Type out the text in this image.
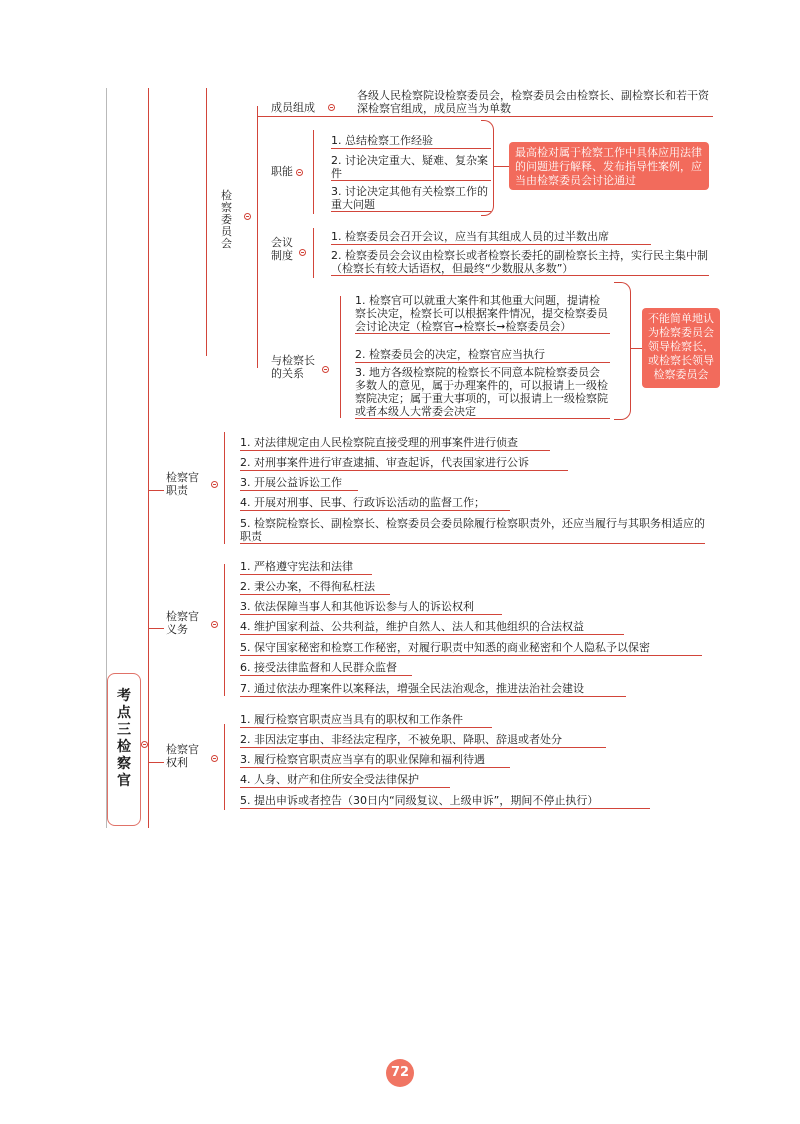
考点三 检察官
检察委员会
成员组成
各级人民检察院设检察委员会，检察委员会由检察长、副检察长和若干资深检察官组成，成员应当为单数
职能
1. 总结检察工作经验
2. 讨论决定重大、疑难、复杂案件
3. 讨论决定其他有关检察工作的重大问题
最高检对属于检察工作中具体应用法律的问题进行解释、发布指导性案例，应当由检察委员会讨论通过
会议制度
1. 检察委员会召开会议，应当有其组成人员的过半数出席
2. 检察委员会会议由检察长或者检察长委托的副检察长主持，实行民主集中制（检察长有较大话语权，但最终“少数服从多数”）
与检察长的关系
1. 检察官可以就重大案件和其他重大问题，提请检察长决定，检察长可以根据案件情况，提交检察委员会讨论决定（检察官➞检察长➞检察委员会）
2. 检察委员会的决定，检察官应当执行
3. 地方各级检察院的检察长不同意本院检察委员会多数人的意见，属于办理案件的，可以报请上一级检察院决定；属于重大事项的，可以报请上一级检察院或者本级人大常委会决定
不能简单地认为检察委员会领导检察长，或检察长领导检察委员会
检察官职责
1. 对法律规定由人民检察院直接受理的刑事案件进行侦查
2. 对刑事案件进行审查逮捕、审查起诉，代表国家进行公诉
3. 开展公益诉讼工作
4. 开展对刑事、民事、行政诉讼活动的监督工作；
5. 检察院检察长、副检察长、检察委员会委员除履行检察职责外，还应当履行与其职务相适应的职责
检察官义务
1. 严格遵守宪法和法律
2. 秉公办案，不得徇私枉法
3. 依法保障当事人和其他诉讼参与人的诉讼权利
4. 维护国家利益、公共利益，维护自然人、法人和其他组织的合法权益
5. 保守国家秘密和检察工作秘密，对履行职责中知悉的商业秘密和个人隐私予以保密
6. 接受法律监督和人民群众监督
7. 通过依法办理案件以案释法，增强全民法治观念，推进法治社会建设
检察官权利
1. 履行检察官职责应当具有的职权和工作条件
2. 非因法定事由、非经法定程序，不被免职、降职、辞退或者处分
3. 履行检察官职责应当享有的职业保障和福利待遇
4. 人身、财产和住所安全受法律保护
5. 提出申诉或者控告（30日内“同级复议、上级申诉”，期间不停止执行）
72
